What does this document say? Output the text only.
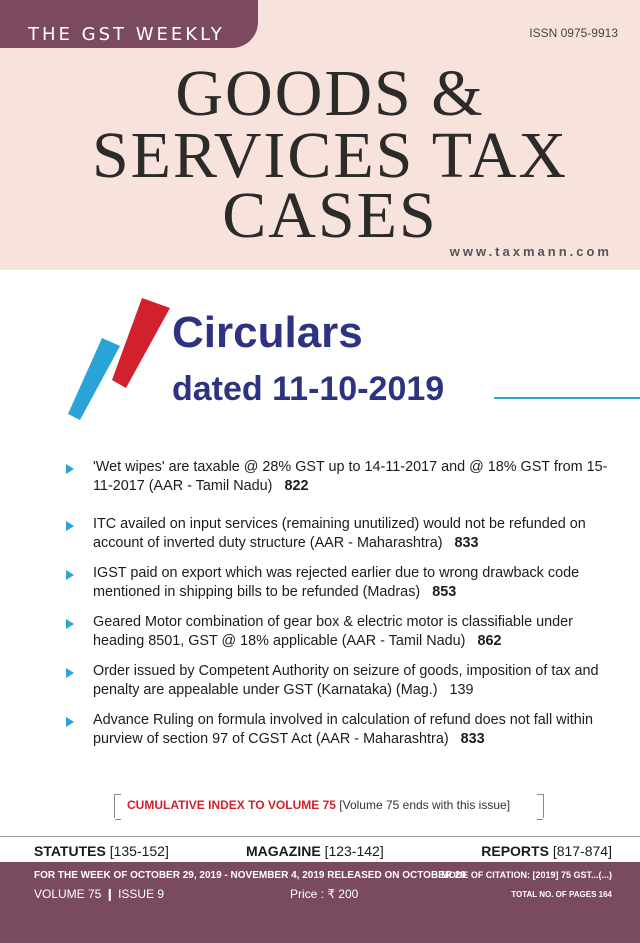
THE GST WEEKLY	ISSN 0975-9913
GOODS &
SERVICES TAX
CASES www.taxmann.com
Circulars
dated 11-10-2019
'Wet wipes' are taxable @ 28% GST up to 14-11-2017 and @ 18% GST from 15-11-2017 (AAR - Tamil Nadu) 822
ITC availed on input services (remaining unutilized) would not be refunded on account of inverted duty structure (AAR - Maharashtra) 833
IGST paid on export which was rejected earlier due to wrong drawback code mentioned in shipping bills to be refunded (Madras) 853
Geared Motor combination of gear box & electric motor is classifiable under heading 8501, GST @ 18% applicable (AAR - Tamil Nadu) 862
Order issued by Competent Authority on seizure of goods, imposition of tax and penalty are appealable under GST (Karnataka) (Mag.) 139
Advance Ruling on formula involved in calculation of refund does not fall within purview of section 97 of CGST Act (AAR - Maharashtra) 833
CUMULATIVE INDEX TO VOLUME 75 [Volume 75 ends with this issue]
STATUTES [135-152]	MAGAZINE [123-142]	REPORTS [817-874]
FOR THE WEEK OF OCTOBER 29, 2019 - NOVEMBER 4, 2019 RELEASED ON OCTOBER 29
VOLUME 75 ❙ ISSUE 9	Price : ₹ 200
MODE OF CITATION: [2019] 75 GST...(...)
TOTAL NO. OF PAGES 164
